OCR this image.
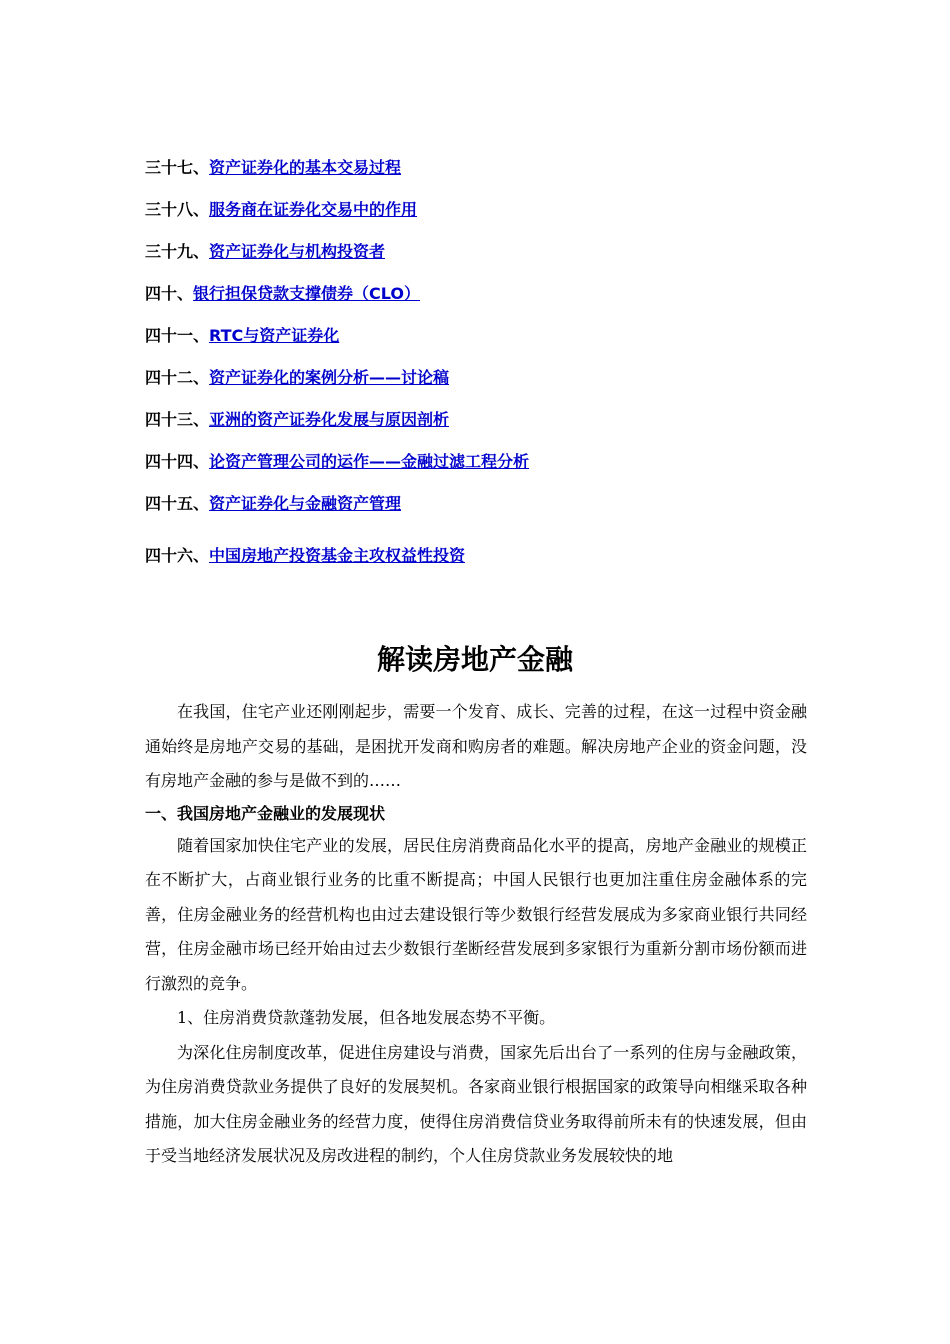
三十七、资产证券化的基本交易过程
三十八、服务商在证券化交易中的作用
三十九、资产证券化与机构投资者
四十、银行担保贷款支撑债券（CLO）
四十一、RTC与资产证券化
四十二、资产证券化的案例分析——讨论稿
四十三、亚洲的资产证券化发展与原因剖析
四十四、论资产管理公司的运作——金融过滤工程分析
四十五、资产证券化与金融资产管理
四十六、中国房地产投资基金主攻权益性投资
解读房地产金融

在我国，住宅产业还刚刚起步，需要一个发育、成长、完善的过程，在这一过程中资金融通始终是房地产交易的基础，是困扰开发商和购房者的难题。解决房地产企业的资金问题，没有房地产金融的参与是做不到的……

一、我国房地产金融业的发展现状

随着国家加快住宅产业的发展，居民住房消费商品化水平的提高，房地产金融业的规模正在不断扩大，占商业银行业务的比重不断提高；中国人民银行也更加注重住房金融体系的完善，住房金融业务的经营机构也由过去建设银行等少数银行经营发展成为多家商业银行共同经营，住房金融市场已经开始由过去少数银行垄断经营发展到多家银行为重新分割市场份额而进行激烈的竞争。

1、住房消费贷款蓬勃发展，但各地发展态势不平衡。

为深化住房制度改革，促进住房建设与消费，国家先后出台了一系列的住房与金融政策，为住房消费贷款业务提供了良好的发展契机。各家商业银行根据国家的政策导向相继采取各种措施，加大住房金融业务的经营力度，使得住房消费信贷业务取得前所未有的快速发展，但由于受当地经济发展状况及房改进程的制约，个人住房贷款业务发展较快的地
